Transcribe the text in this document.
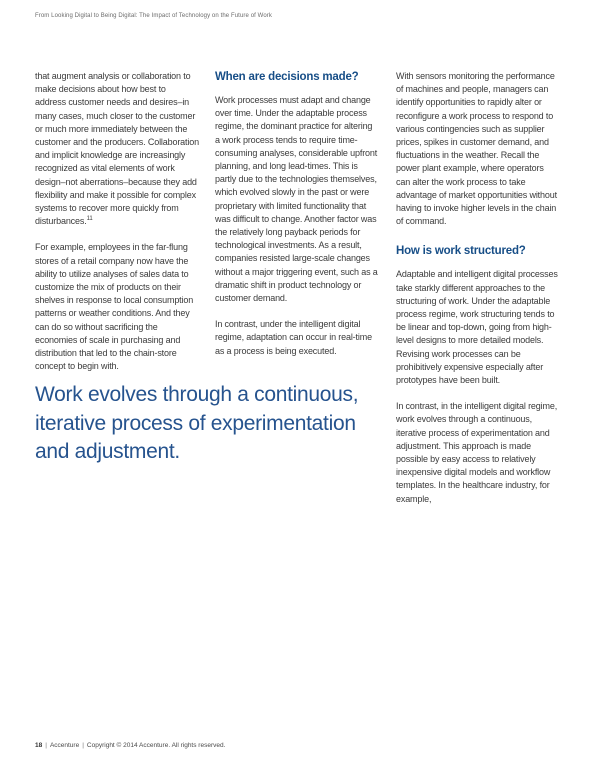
From Looking Digital to Being Digital: The Impact of Technology on the Future of Work

that augment analysis or collaboration to make decisions about how best to address customer needs and desires–in many cases, much closer to the customer or much more immediately between the customer and the producers. Collaboration and implicit knowledge are increasingly recognized as vital elements of work design–not aberrations–because they add flexibility and make it possible for complex systems to recover more quickly from disturbances.$^{11}$

For example, employees in the far-flung stores of a retail company now have the ability to utilize analyses of sales data to customize the mix of products on their shelves in response to local consumption patterns or weather conditions. And they can do so without sacrificing the economies of scale in purchasing and distribution that led to the chain-store concept to begin with.

When are decisions made?

Work processes must adapt and change over time. Under the adaptable process regime, the dominant practice for altering a work process tends to require time-consuming analyses, considerable upfront planning, and long lead-times. This is partly due to the technologies themselves, which evolved slowly in the past or were proprietary with limited functionality that was difficult to change. Another factor was the relatively long payback periods for technological investments. As a result, companies resisted large-scale changes without a major triggering event, such as a dramatic shift in product technology or customer demand.

In contrast, under the intelligent digital regime, adaptation can occur in real-time as a process is being executed.

With sensors monitoring the performance of machines and people, managers can identify opportunities to rapidly alter or reconfigure a work process to respond to various contingencies such as supplier prices, spikes in customer demand, and fluctuations in the weather. Recall the power plant example, where operators can alter the work process to take advantage of market opportunities without having to invoke higher levels in the chain of command.

How is work structured?

Adaptable and intelligent digital processes take starkly different approaches to the structuring of work. Under the adaptable process regime, work structuring tends to be linear and top-down, going from high-level designs to more detailed models. Revising work processes can be prohibitively expensive especially after prototypes have been built.

In contrast, in the intelligent digital regime, work evolves through a continuous, iterative process of experimentation and adjustment. This approach is made possible by easy access to relatively inexpensive digital models and workflow templates. In the healthcare industry, for example,

Work evolves through a continuous, iterative process of experimentation and adjustment.
18 | Accenture | Copyright © 2014 Accenture. All rights reserved.
